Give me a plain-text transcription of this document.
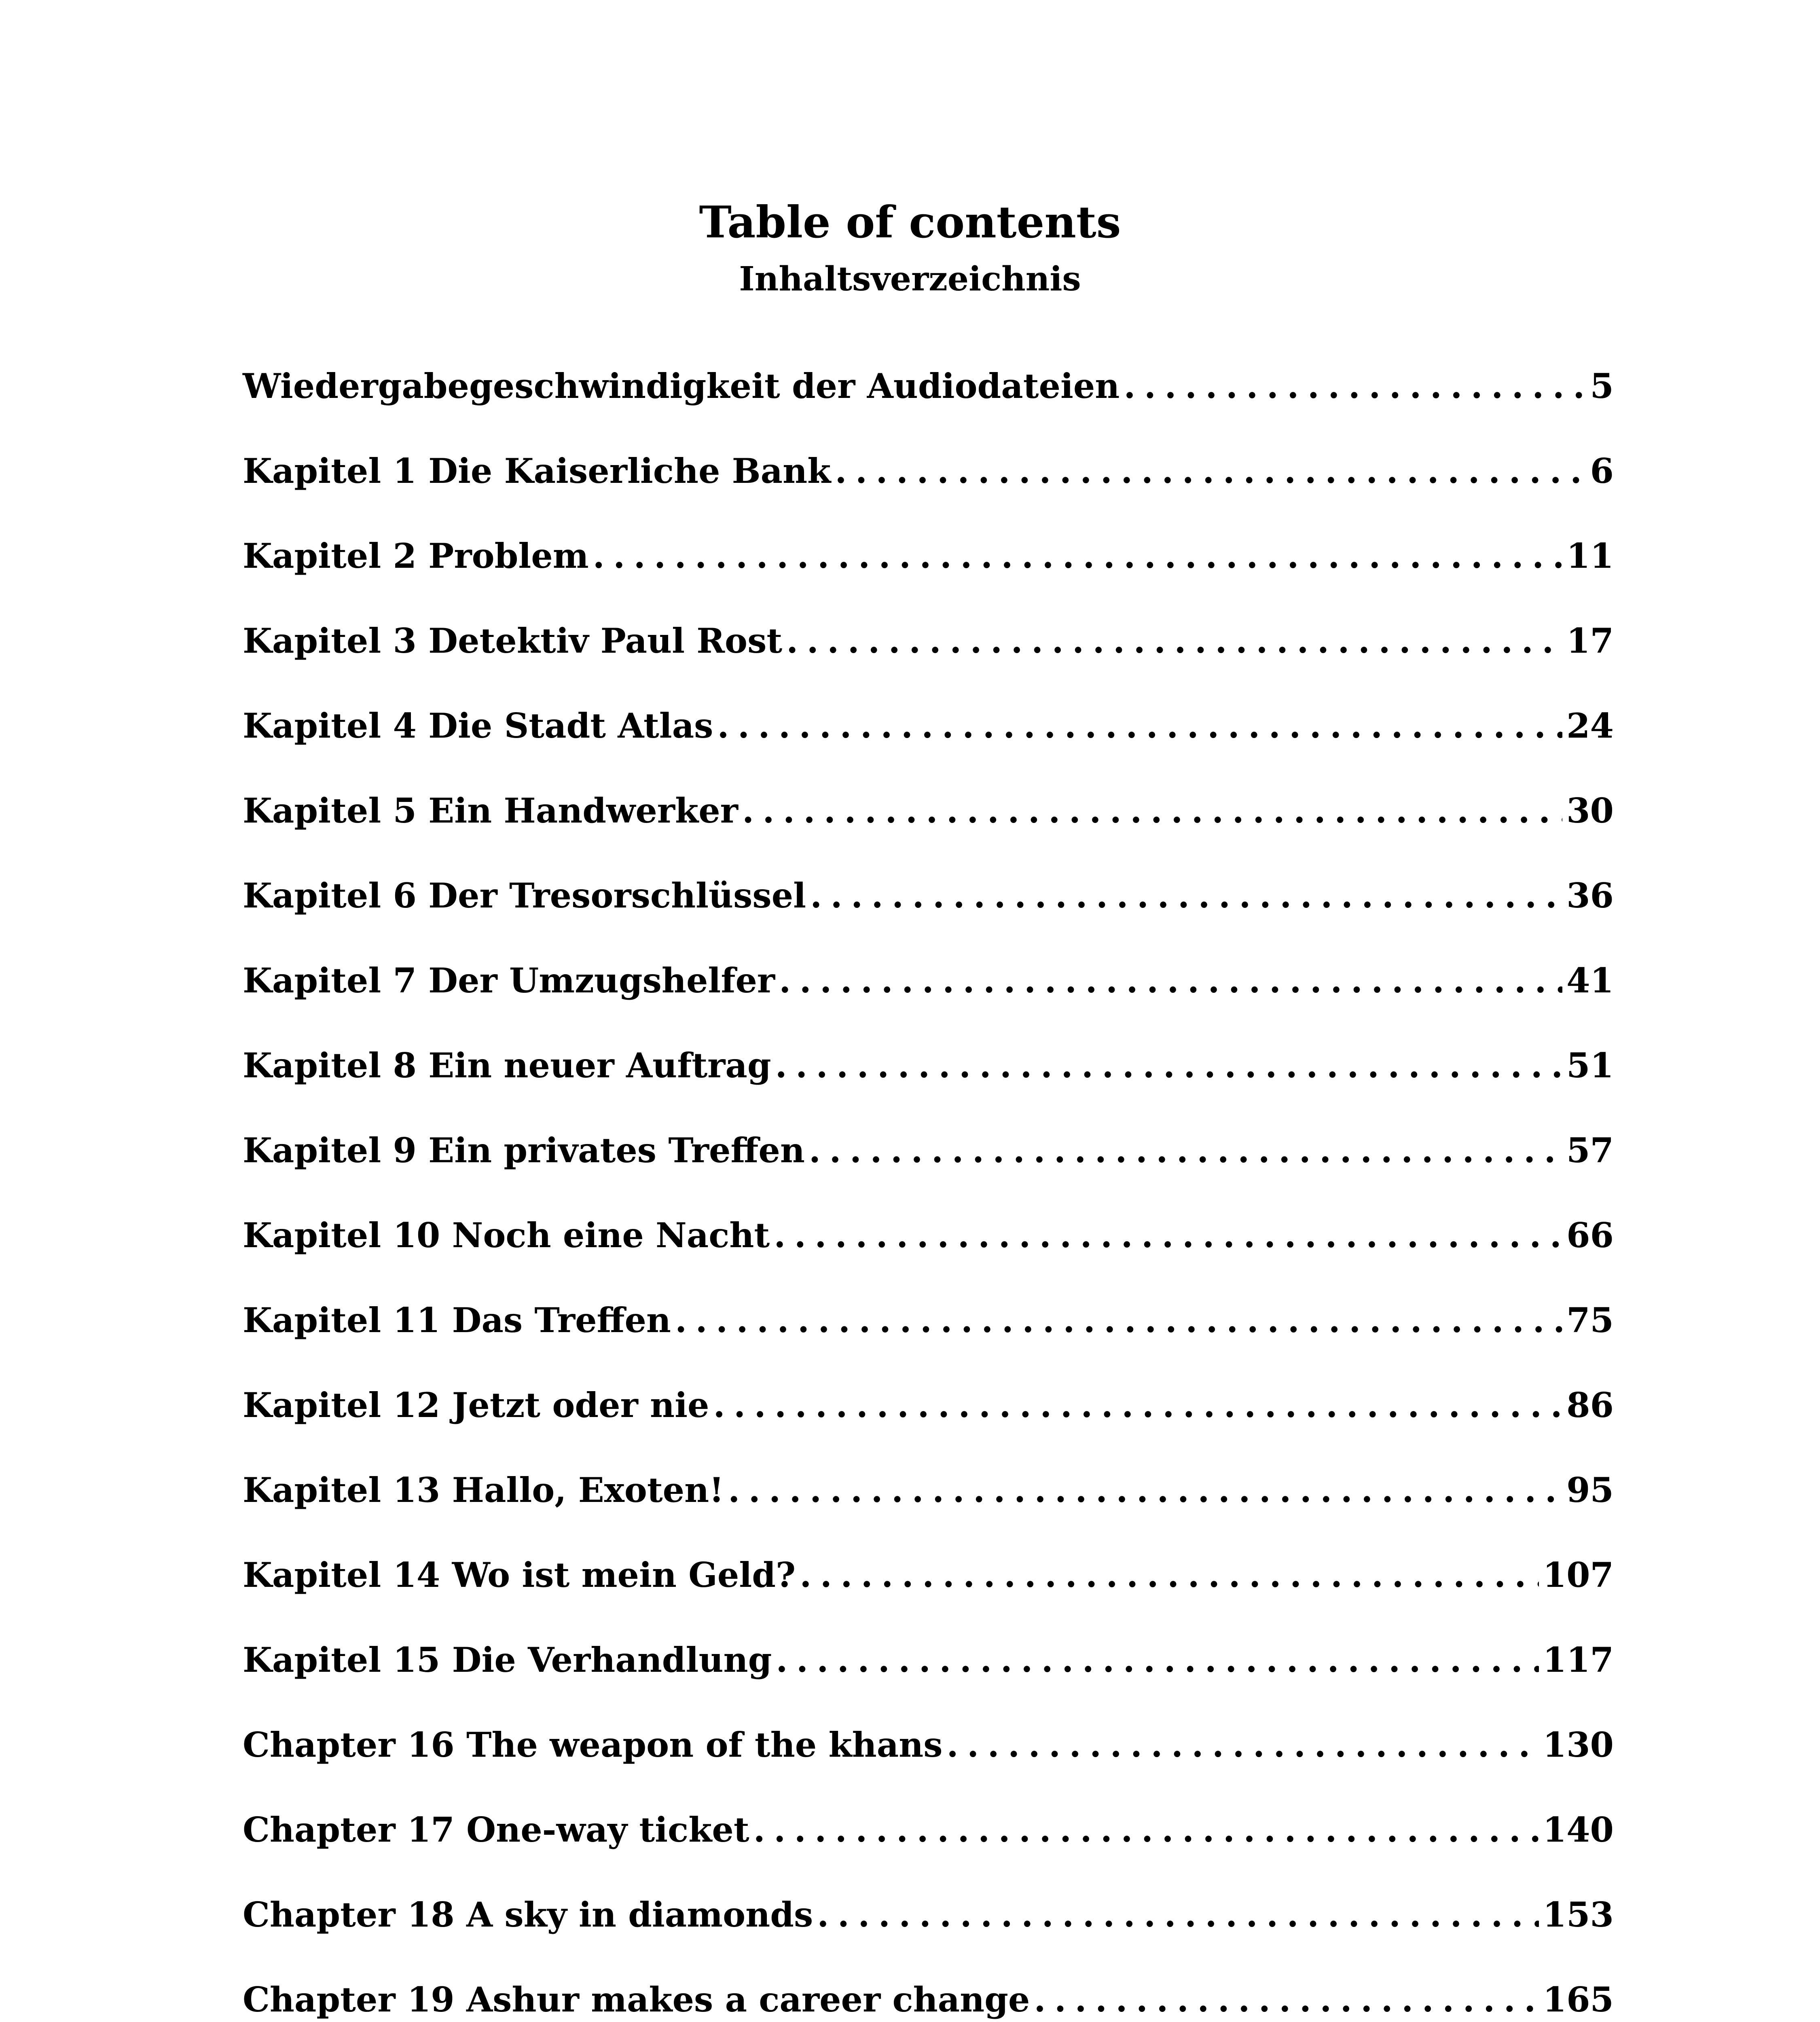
Table of contents
Inhaltsverzeichnis
Wiedergabegeschwindigkeit der Audiodateien . . .	5
Kapitel 1 Die Kaiserliche Bank . . .	6
Kapitel 2 Problem . . .	11
Kapitel 3 Detektiv Paul Rost . . .	17
Kapitel 4 Die Stadt Atlas . . .	24
Kapitel 5 Ein Handwerker . . .	30
Kapitel 6 Der Tresorschlüssel . . .	36
Kapitel 7 Der Umzugshelfer . . .	41
Kapitel 8 Ein neuer Auftrag . . .	51
Kapitel 9 Ein privates Treffen . . .	57
Kapitel 10 Noch eine Nacht . . .	66
Kapitel 11 Das Treffen . . .	75
Kapitel 12 Jetzt oder nie . . .	86
Kapitel 13 Hallo, Exoten! . . .	95
Kapitel 14 Wo ist mein Geld? . . .	107
Kapitel 15 Die Verhandlung . . .	117
Chapter 16 The weapon of the khans . . .	130
Chapter 17 One-way ticket . . .	140
Chapter 18 A sky in diamonds . . .	153
Chapter 19 Ashur makes a career change . . .	165
